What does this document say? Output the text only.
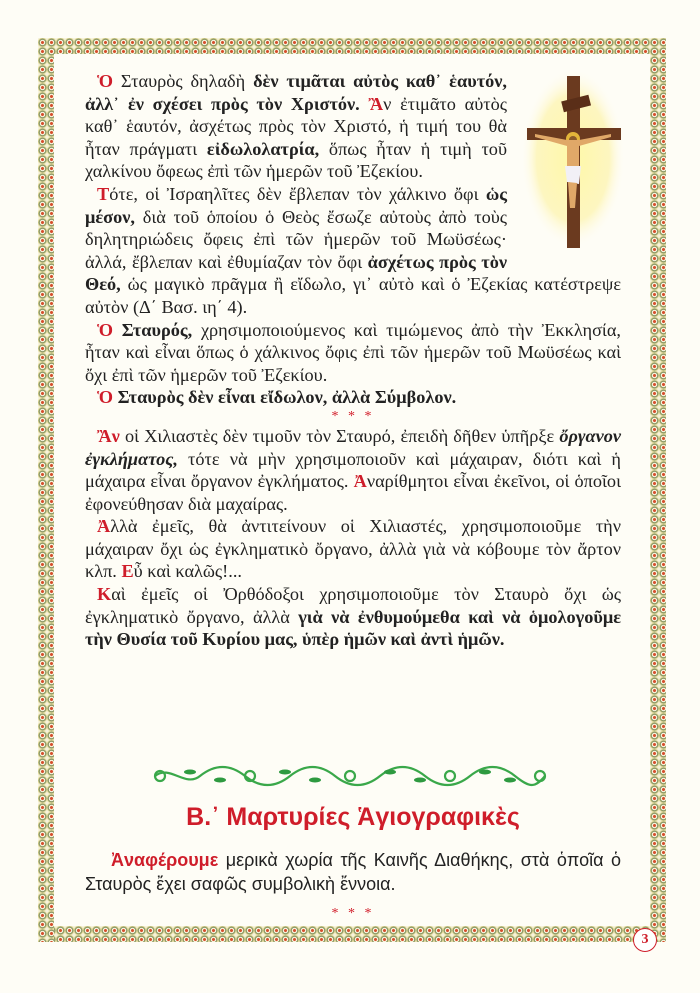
Ὁ Σταυρὸς δηλαδὴ δὲν τιμᾶται αὐτὸς καθ᾽ ἑαυτόν, ἀλλ᾽ ἐν σχέσει πρὸς τὸν Χριστόν. Ἂν ἐτιμᾶτο αὐτὸς καθ᾽ ἑαυτόν, ἀσχέτως πρὸς τὸν Χριστό, ἡ τιμή του θὰ ἦταν πράγματι εἰδωλολατρία, ὅπως ἦταν ἡ τιμὴ τοῦ χαλκίνου ὄφεως ἐπὶ τῶν ἡμερῶν τοῦ Ἐζεκίου.

Τότε, οἱ Ἰσραηλῖτες δὲν ἔβλεπαν τὸν χάλκινο ὄφι ὡς μέσον, διὰ τοῦ ὁποίου ὁ Θεὸς ἔσωζε αὐτοὺς ἀπὸ τοὺς δηλητηριώδεις ὄφεις ἐπὶ τῶν ἡμερῶν τοῦ Μωϋσέως· ἀλλά, ἔβλεπαν καὶ ἐθυμίαζαν τὸν ὄφι ἀσχέτως πρὸς τὸν Θεό, ὡς μαγικὸ πρᾶγμα ἢ εἴδωλο, γι᾽ αὐτὸ καὶ ὁ Ἐζεκίας κατέστρεψε αὐτὸν (Δ΄ Βασ. ιη΄ 4).

Ὁ Σταυρός, χρησιμοποιούμενος καὶ τιμώμενος ἀπὸ τὴν Ἐκκλησία, ἦταν καὶ εἶναι ὅπως ὁ χάλκινος ὄφις ἐπὶ τῶν ἡμερῶν τοῦ Μωϋσέως καὶ ὄχι ἐπὶ τῶν ἡμερῶν τοῦ Ἐζεκίου.

Ὁ Σταυρὸς δὲν εἶναι εἴδωλον, ἀλλὰ Σύμβολον.

* * *

Ἂν οἱ Χιλιαστὲς δὲν τιμοῦν τὸν Σταυρό, ἐπειδὴ δῆθεν ὑπῆρξε ὄργανον ἐγκλήματος, τότε νὰ μὴν χρησιμοποιοῦν καὶ μάχαιραν, διότι καὶ ἡ μάχαιρα εἶναι ὄργανον ἐγκλήματος. Ἀναρίθμητοι εἶναι ἐκεῖνοι, οἱ ὁποῖοι ἐφονεύθησαν διὰ μαχαίρας.

Ἀλλὰ ἐμεῖς, θὰ ἀντιτείνουν οἱ Χιλιαστές, χρησιμοποιοῦμε τὴν μάχαιραν ὄχι ὡς ἐγκληματικὸ ὄργανο, ἀλλὰ γιὰ νὰ κόβουμε τὸν ἄρτον κλπ. Εὖ καὶ καλῶς!...

Καὶ ἐμεῖς οἱ Ὀρθόδοξοι χρησιμοποιοῦμε τὸν Σταυρὸ ὄχι ὡς ἐγκληματικὸ ὄργανο, ἀλλὰ γιὰ νὰ ἐνθυμούμεθα καὶ νὰ ὁμολογοῦμε τὴν Θυσία τοῦ Κυρίου μας, ὑπὲρ ἡμῶν καὶ ἀντὶ ἡμῶν.

Β.᾿ Μαρτυρίες Ἁγιογραφικὲς

Ἀναφέρουμε μερικὰ χωρία τῆς Καινῆς Διαθήκης, στὰ ὁποῖα ὁ Σταυρὸς ἔχει σαφῶς συμβολικὴ ἔννοια.

* * *
3
